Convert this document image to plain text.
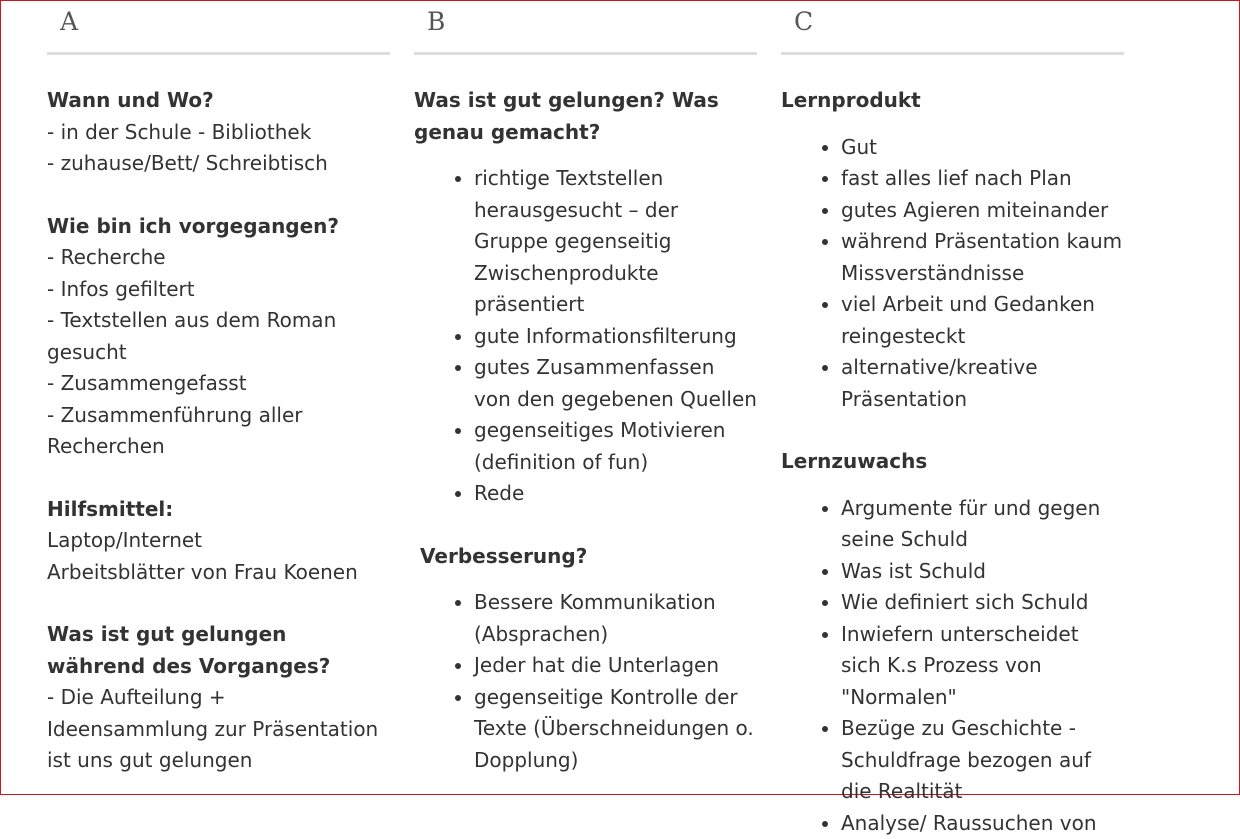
A

Wann und Wo?

- in der Schule - Bibliothek

- zuhause/Bett/ Schreibtisch

Wie bin ich vorgegangen?

- Recherche

- Infos gefiltert

- Textstellen aus dem Roman gesucht

- Zusammengefasst

- Zusammenführung aller Recherchen

Hilfsmittel:

Laptop/Internet

Arbeitsblätter von Frau Koenen

Was ist gut gelungen während des Vorganges?

- Die Aufteilung + Ideensammlung zur Präsentation ist uns gut gelungen

B

Was ist gut gelungen? Was genau gemacht?

• richtige Textstellen herausgesucht – der Gruppe gegenseitig Zwischenprodukte präsentiert
• gute Informationsfilterung
• gutes Zusammenfassen von den gegebenen Quellen
• gegenseitiges Motivieren (definition of fun)
• Rede

Verbesserung?

• Bessere Kommunikation (Absprachen)
• Jeder hat die Unterlagen
• gegenseitige Kontrolle der Texte (Überschneidungen o. Dopplung)
C

Lernprodukt

• Gut
• fast alles lief nach Plan
• gutes Agieren miteinander
• während Präsentation kaum Missverständnisse
• viel Arbeit und Gedanken reingesteckt
• alternative/kreative Präsentation

Lernzuwachs

• Argumente für und gegen seine Schuld
• Was ist Schuld
• Wie definiert sich Schuld
• Inwiefern unterscheidet sich K.s Prozess von "Normalen"
• Bezüge zu Geschichte - Schuldfrage bezogen auf die Realtität
• Analyse/ Raussuchen von
